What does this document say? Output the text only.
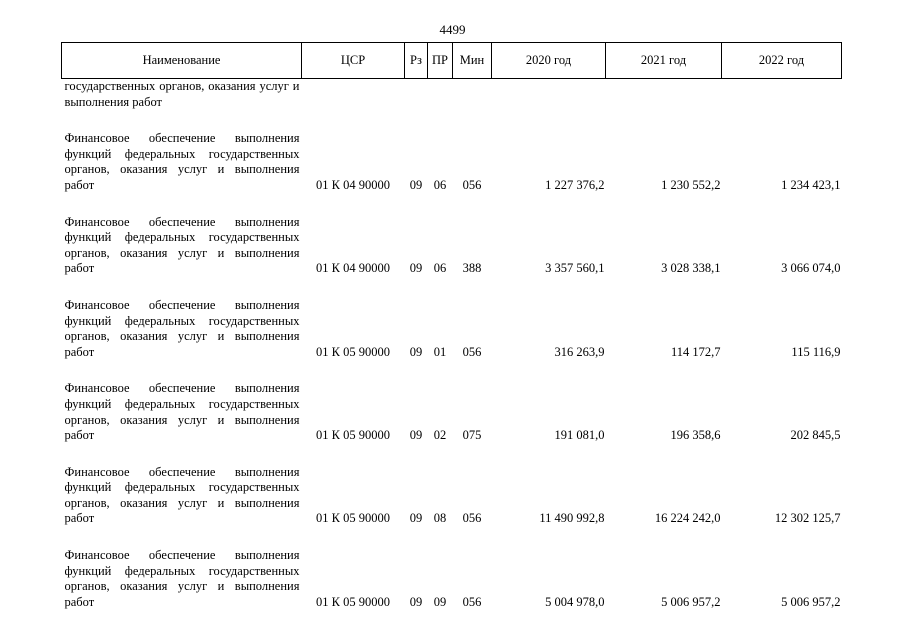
4499
Наименование	ЦСР	Рз	ПР	Мин	2020 год	2021 год	2022 год

государственных органов, оказания услуг и выполнения работ							

Финансовое обеспечение выполнения функций федеральных государственных органов, оказания услуг и выполнения работ	01 К 04 90000	09	06	056	1 227 376,2	1 230 552,2	1 234 423,1

Финансовое обеспечение выполнения функций федеральных государственных органов, оказания услуг и выполнения работ	01 К 04 90000	09	06	388	3 357 560,1	3 028 338,1	3 066 074,0

Финансовое обеспечение выполнения функций федеральных государственных органов, оказания услуг и выполнения работ	01 К 05 90000	09	01	056	316 263,9	114 172,7	115 116,9

Финансовое обеспечение выполнения функций федеральных государственных органов, оказания услуг и выполнения работ	01 К 05 90000	09	02	075	191 081,0	196 358,6	202 845,5

Финансовое обеспечение выполнения функций федеральных государственных органов, оказания услуг и выполнения работ	01 К 05 90000	09	08	056	11 490 992,8	16 224 242,0	12 302 125,7

Финансовое обеспечение выполнения функций федеральных государственных органов, оказания услуг и выполнения работ	01 К 05 90000	09	09	056	5 004 978,0	5 006 957,2	5 006 957,2
